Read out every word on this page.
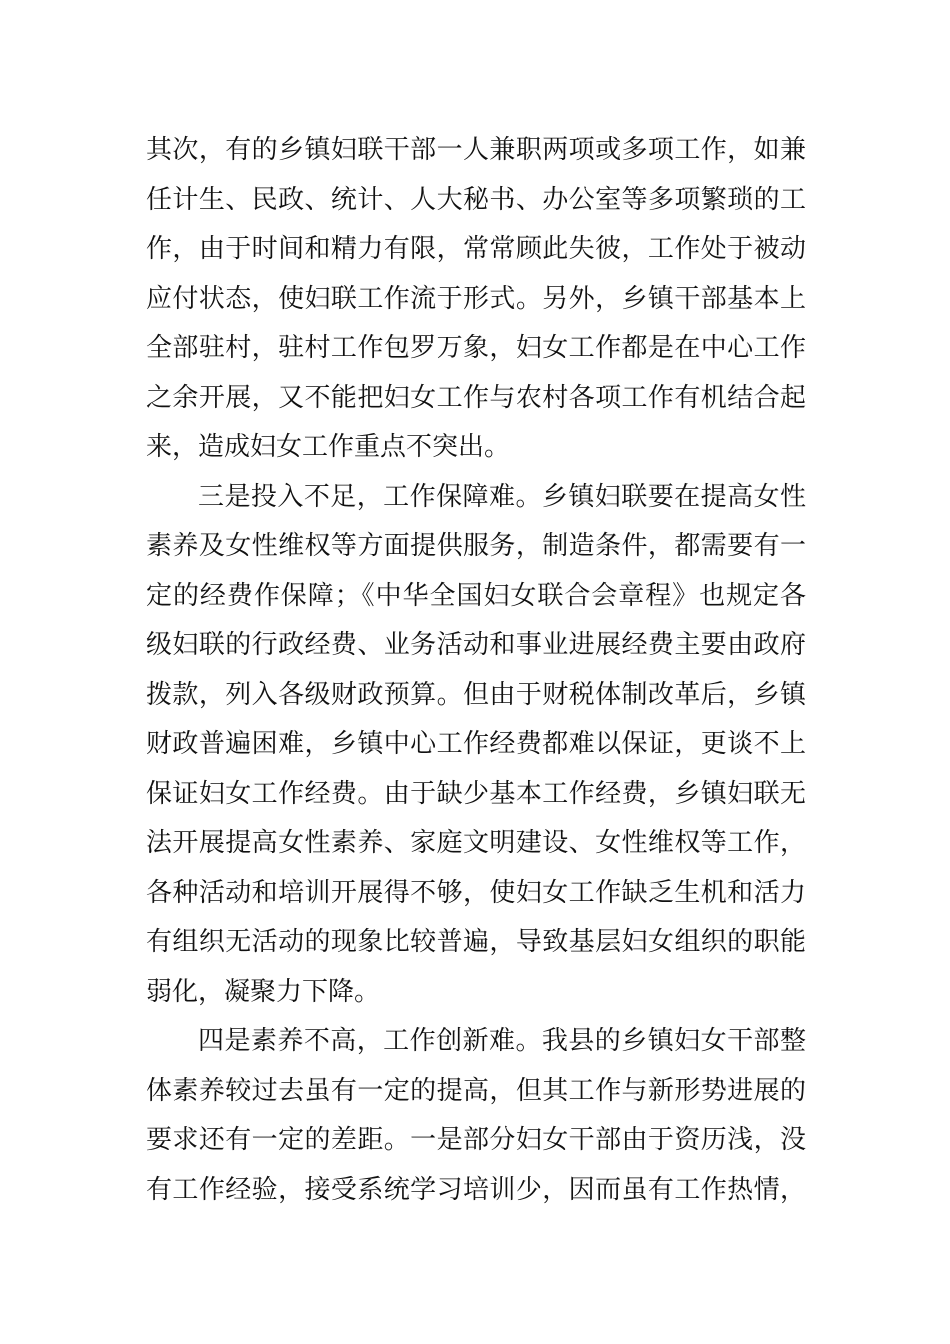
其次，有的乡镇妇联干部一人兼职两项或多项工作，如兼
任计生、民政、统计、人大秘书、办公室等多项繁琐的工
作，由于时间和精力有限，常常顾此失彼，工作处于被动
应付状态，使妇联工作流于形式。另外，乡镇干部基本上
全部驻村，驻村工作包罗万象，妇女工作都是在中心工作
之余开展，又不能把妇女工作与农村各项工作有机结合起
来，造成妇女工作重点不突出。
三是投入不足，工作保障难。乡镇妇联要在提高女性
素养及女性维权等方面提供服务，制造条件，都需要有一
定的经费作保障；《中华全国妇女联合会章程》也规定各
级妇联的行政经费、业务活动和事业进展经费主要由政府
拨款，列入各级财政预算。但由于财税体制改革后，乡镇
财政普遍困难，乡镇中心工作经费都难以保证，更谈不上
保证妇女工作经费。由于缺少基本工作经费，乡镇妇联无
法开展提高女性素养、家庭文明建设、女性维权等工作，
各种活动和培训开展得不够，使妇女工作缺乏生机和活力
有组织无活动的现象比较普遍，导致基层妇女组织的职能
弱化，凝聚力下降。
四是素养不高，工作创新难。我县的乡镇妇女干部整
体素养较过去虽有一定的提高，但其工作与新形势进展的
要求还有一定的差距。一是部分妇女干部由于资历浅，没
有工作经验，接受系统学习培训少，因而虽有工作热情，
